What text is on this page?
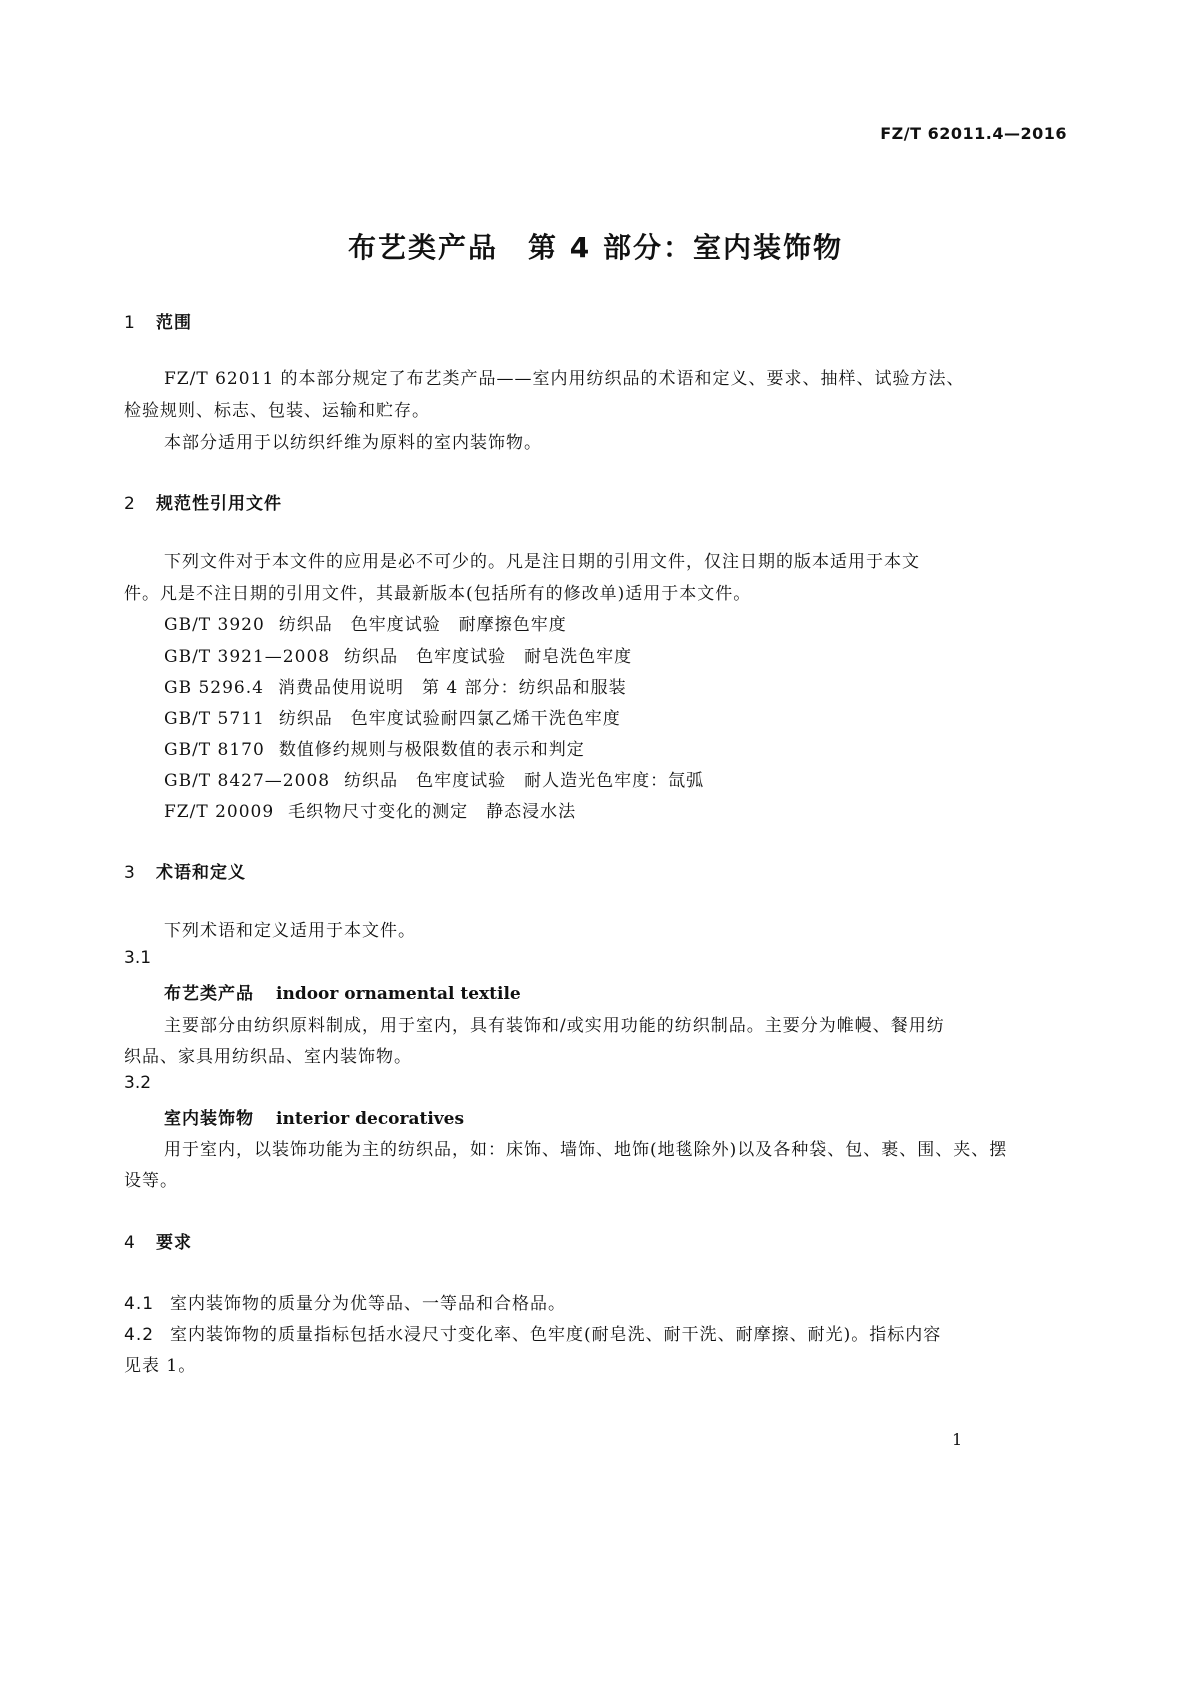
FZ/T 62011.4—2016
布艺类产品　第 4 部分：室内装饰物
1 范围
FZ/T 62011 的本部分规定了布艺类产品——室内用纺织品的术语和定义、要求、抽样、试验方法、
检验规则、标志、包装、运输和贮存。
本部分适用于以纺织纤维为原料的室内装饰物。
2 规范性引用文件
下列文件对于本文件的应用是必不可少的。凡是注日期的引用文件，仅注日期的版本适用于本文
件。凡是不注日期的引用文件，其最新版本(包括所有的修改单)适用于本文件。
GB/T 3920 纺织品　色牢度试验　耐摩擦色牢度
GB/T 3921—2008 纺织品　色牢度试验　耐皂洗色牢度
GB 5296.4 消费品使用说明　第 4 部分：纺织品和服装
GB/T 5711 纺织品　色牢度试验耐四氯乙烯干洗色牢度
GB/T 8170 数值修约规则与极限数值的表示和判定
GB/T 8427—2008 纺织品　色牢度试验　耐人造光色牢度：氙弧
FZ/T 20009 毛织物尺寸变化的测定　静态浸水法
3 术语和定义
下列术语和定义适用于本文件。
3.1
布艺类产品 indoor ornamental textile
主要部分由纺织原料制成，用于室内，具有装饰和/或实用功能的纺织制品。主要分为帷幔、餐用纺
织品、家具用纺织品、室内装饰物。
3.2
室内装饰物 interior decoratives
用于室内，以装饰功能为主的纺织品，如：床饰、墙饰、地饰(地毯除外)以及各种袋、包、裹、围、夹、摆
设等。
4 要求
4.1 室内装饰物的质量分为优等品、一等品和合格品。
4.2 室内装饰物的质量指标包括水浸尺寸变化率、色牢度(耐皂洗、耐干洗、耐摩擦、耐光)。指标内容
见表 1。
1
